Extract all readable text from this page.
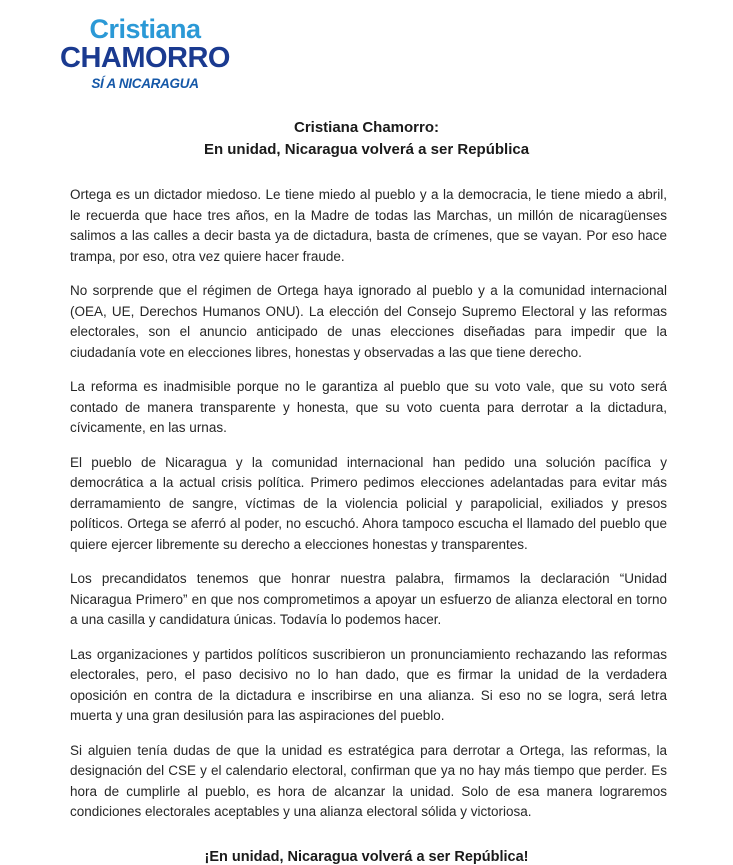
Cristiana
CHAMORRO
SÍ A NICARAGUA
Cristiana Chamorro:
En unidad, Nicaragua volverá a ser República

Ortega es un dictador miedoso. Le tiene miedo al pueblo y a la democracia, le tiene miedo a abril, le recuerda que hace tres años, en la Madre de todas las Marchas, un millón de nicaragüenses salimos a las calles a decir basta ya de dictadura, basta de crímenes, que se vayan. Por eso hace trampa, por eso, otra vez quiere hacer fraude.

No sorprende que el régimen de Ortega haya ignorado al pueblo y a la comunidad internacional (OEA, UE, Derechos Humanos ONU). La elección del Consejo Supremo Electoral y las reformas electorales, son el anuncio anticipado de unas elecciones diseñadas para impedir que la ciudadanía vote en elecciones libres, honestas y observadas a las que tiene derecho.

La reforma es inadmisible porque no le garantiza al pueblo que su voto vale, que su voto será contado de manera transparente y honesta, que su voto cuenta para derrotar a la dictadura, cívicamente, en las urnas.

El pueblo de Nicaragua y la comunidad internacional han pedido una solución pacífica y democrática a la actual crisis política. Primero pedimos elecciones adelantadas para evitar más derramamiento de sangre, víctimas de la violencia policial y parapolicial, exiliados y presos políticos. Ortega se aferró al poder, no escuchó. Ahora tampoco escucha el llamado del pueblo que quiere ejercer libremente su derecho a elecciones honestas y transparentes.

Los precandidatos tenemos que honrar nuestra palabra, firmamos la declaración “Unidad Nicaragua Primero” en que nos comprometimos a apoyar un esfuerzo de alianza electoral en torno a una casilla y candidatura únicas. Todavía lo podemos hacer.

Las organizaciones y partidos políticos suscribieron un pronunciamiento rechazando las reformas electorales, pero, el paso decisivo no lo han dado, que es firmar la unidad de la verdadera oposición en contra de la dictadura e inscribirse en una alianza. Si eso no se logra, será letra muerta y una gran desilusión para las aspiraciones del pueblo.

Si alguien tenía dudas de que la unidad es estratégica para derrotar a Ortega, las reformas, la designación del CSE y el calendario electoral, confirman que ya no hay más tiempo que perder. Es hora de cumplirle al pueblo, es hora de alcanzar la unidad. Solo de esa manera lograremos condiciones electorales aceptables y una alianza electoral sólida y victoriosa.

¡En unidad, Nicaragua volverá a ser República!
